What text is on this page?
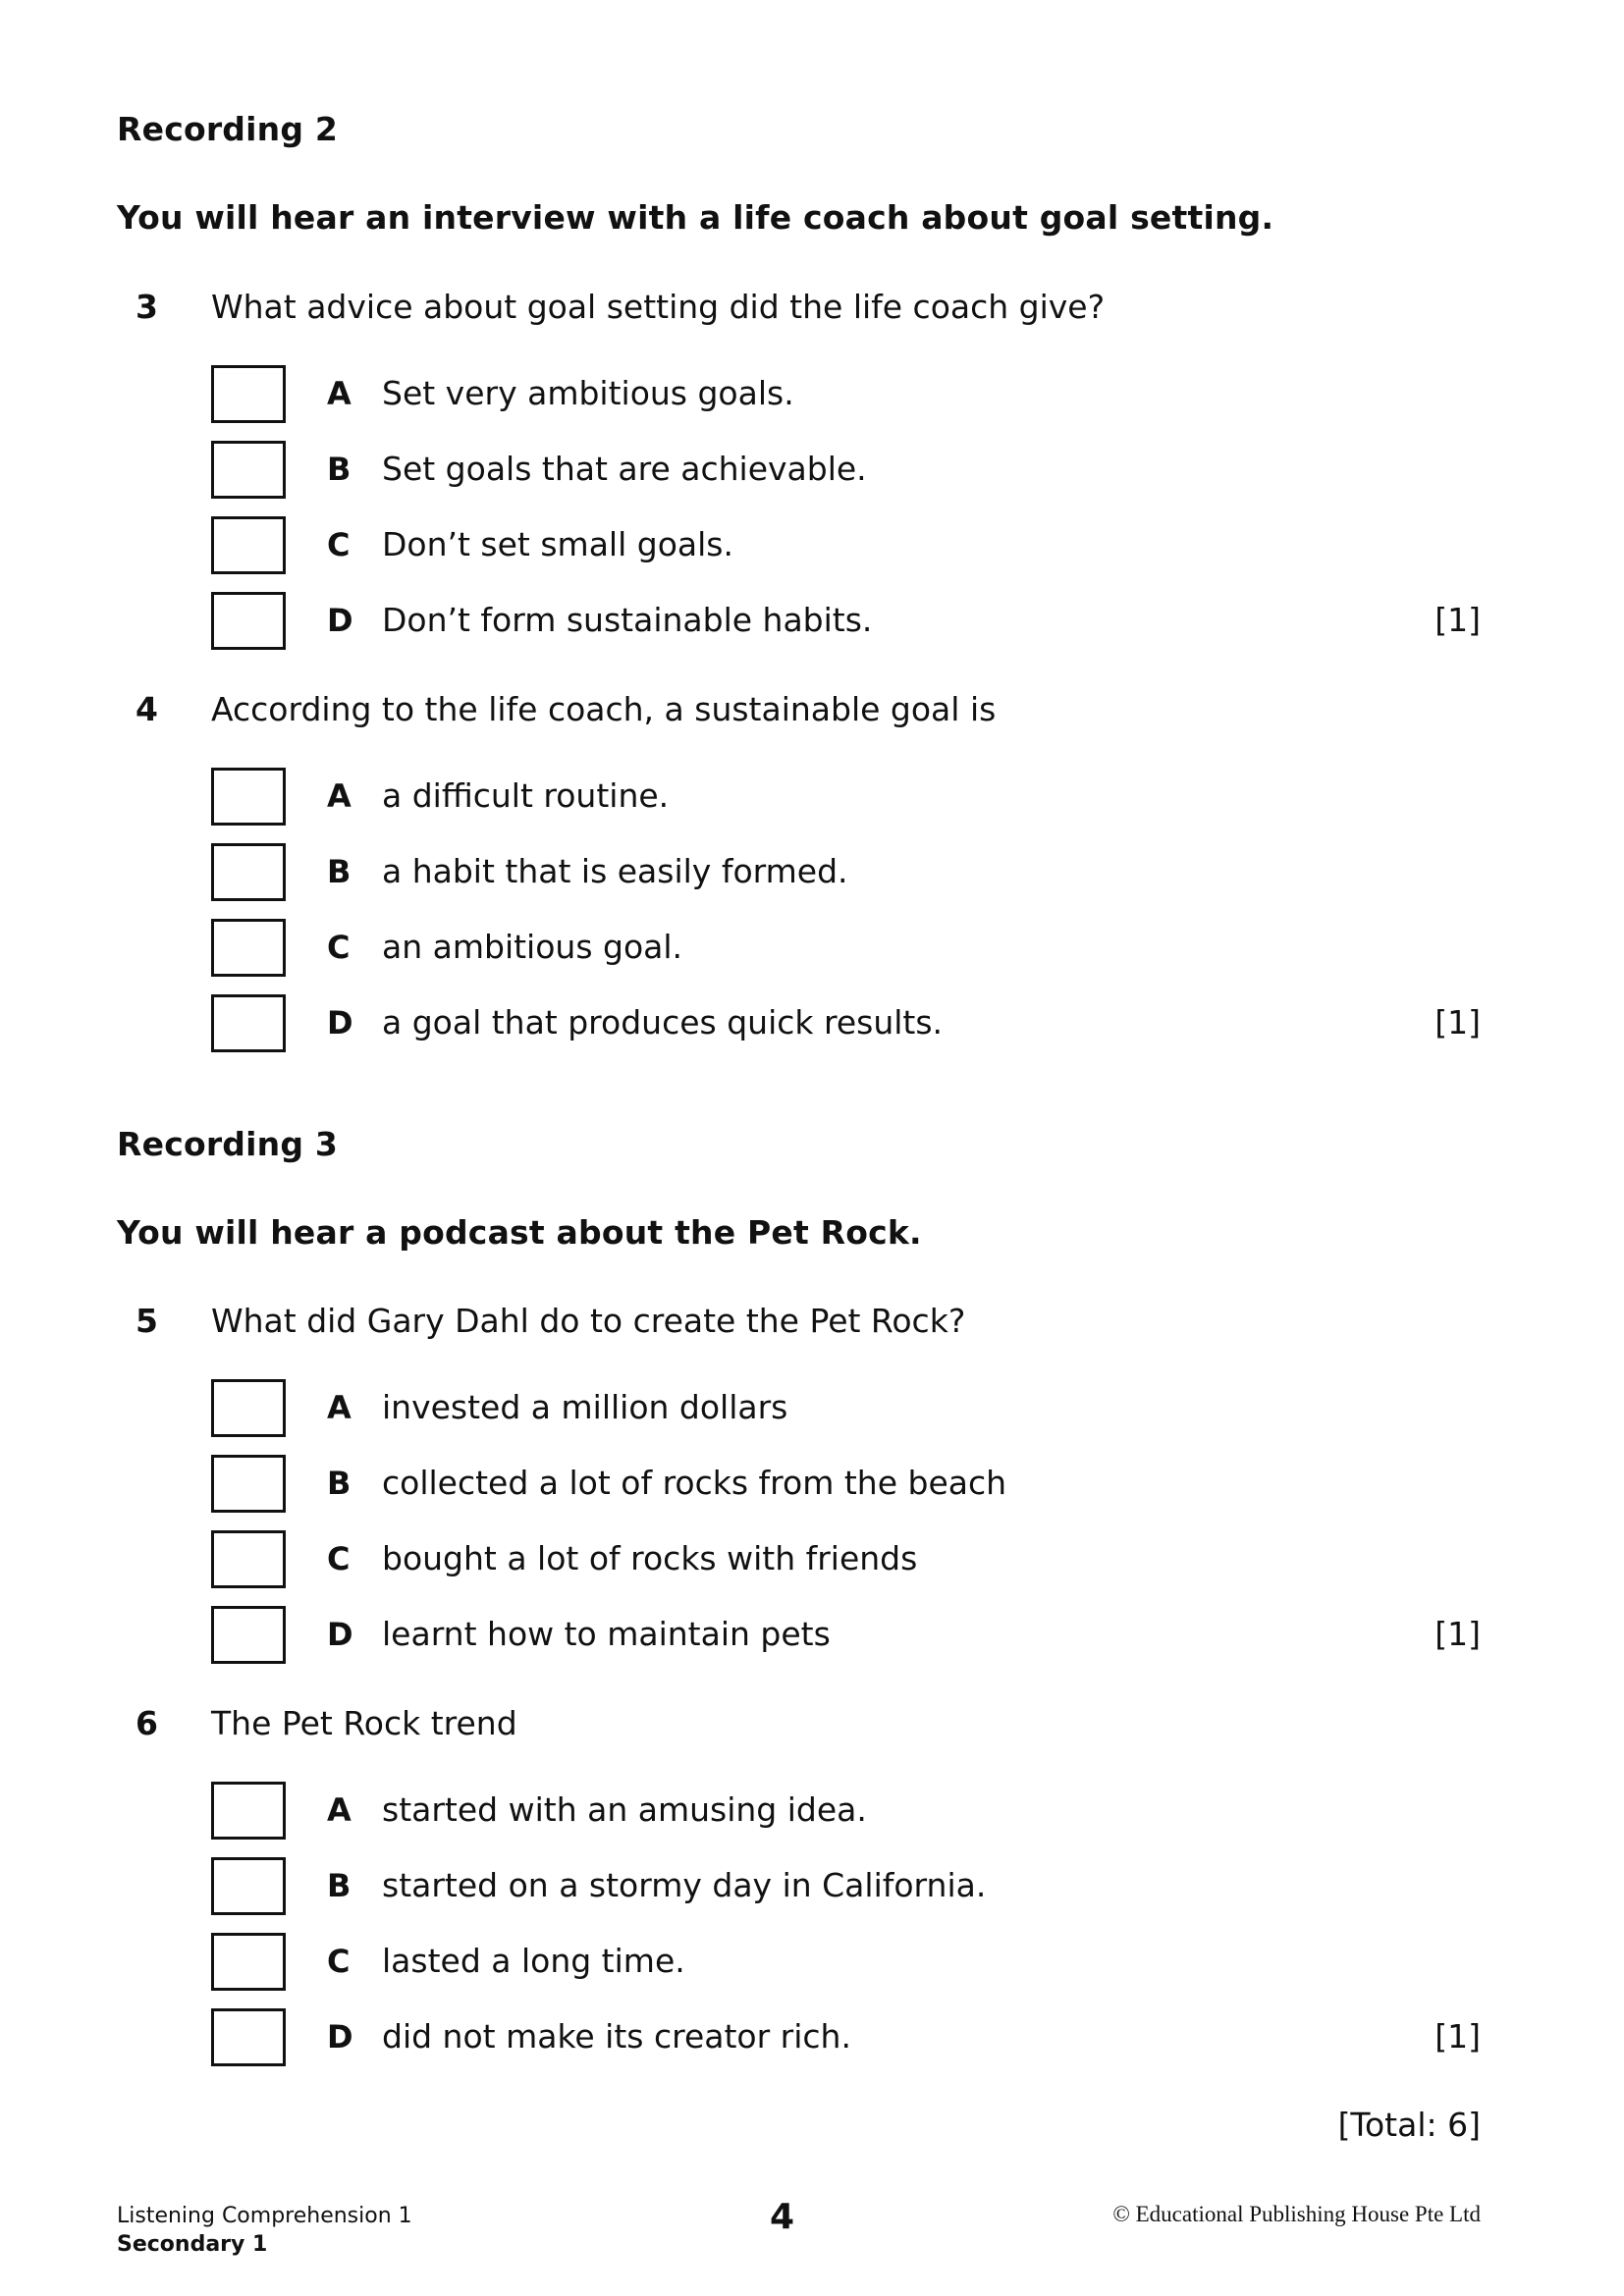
Recording 2
You will hear an interview with a life coach about goal setting.
3 What advice about goal setting did the life coach give?
A Set very ambitious goals.
B Set goals that are achievable.
C Don’t set small goals.
D Don’t form sustainable habits.	[1]
4 According to the life coach, a sustainable goal is
A a difficult routine.
B a habit that is easily formed.
C an ambitious goal.
D a goal that produces quick results.	[1]
Recording 3
You will hear a podcast about the Pet Rock.
5 What did Gary Dahl do to create the Pet Rock?
A invested a million dollars
B collected a lot of rocks from the beach
C bought a lot of rocks with friends
D learnt how to maintain pets	[1]
6 The Pet Rock trend
A started with an amusing idea.
B started on a stormy day in California.
C lasted a long time.
D did not make its creator rich.	[1]
[Total: 6]
Listening Comprehension 1
Secondary 1
4	© Educational Publishing House Pte Ltd
